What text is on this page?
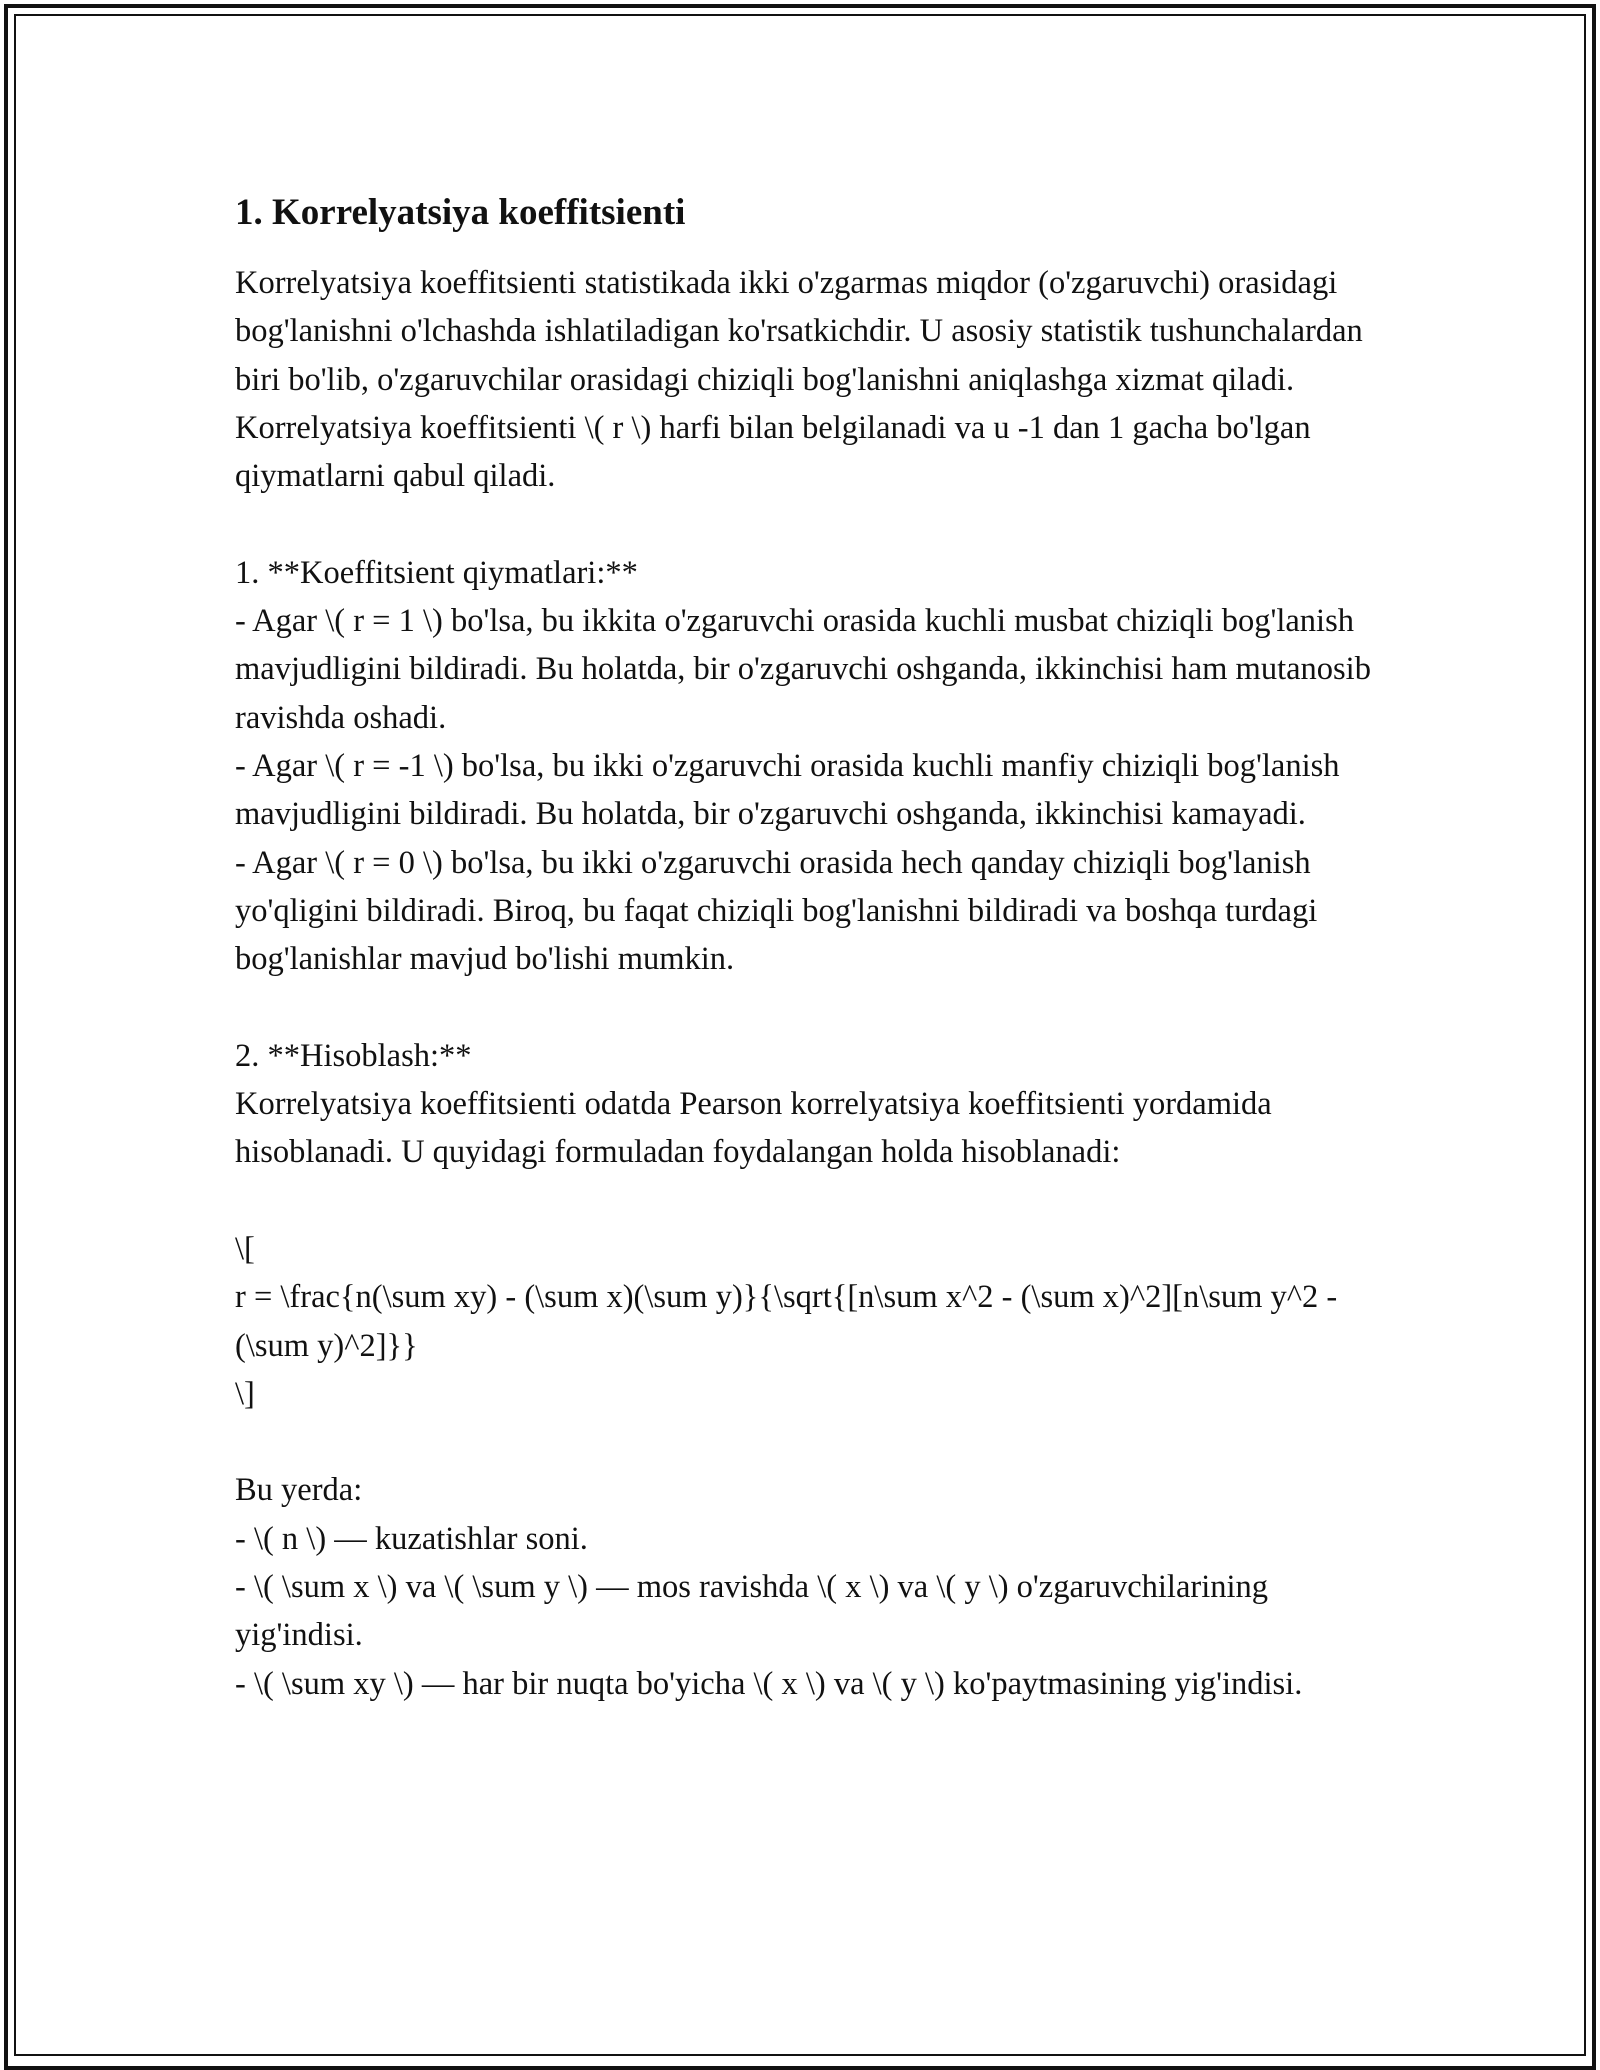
1. Korrelyatsiya koeffitsienti

Korrelyatsiya koeffitsienti statistikada ikki o'zgarmas miqdor (o'zgaruvchi) orasidagi bog'lanishni o'lchashda ishlatiladigan ko'rsatkichdir. U asosiy statistik tushunchalardan biri bo'lib, o'zgaruvchilar orasidagi chiziqli bog'lanishni aniqlashga xizmat qiladi. Korrelyatsiya koeffitsienti \( r \) harfi bilan belgilanadi va u -1 dan 1 gacha bo'lgan qiymatlarni qabul qiladi.

1. **Koeffitsient qiymatlari:**
- Agar \( r = 1 \) bo'lsa, bu ikkita o'zgaruvchi orasida kuchli musbat chiziqli bog'lanish mavjudligini bildiradi. Bu holatda, bir o'zgaruvchi oshganda, ikkinchisi ham mutanosib ravishda oshadi.
- Agar \( r = -1 \) bo'lsa, bu ikki o'zgaruvchi orasida kuchli manfiy chiziqli bog'lanish mavjudligini bildiradi. Bu holatda, bir o'zgaruvchi oshganda, ikkinchisi kamayadi.
- Agar \( r = 0 \) bo'lsa, bu ikki o'zgaruvchi orasida hech qanday chiziqli bog'lanish yo'qligini bildiradi. Biroq, bu faqat chiziqli bog'lanishni bildiradi va boshqa turdagi bog'lanishlar mavjud bo'lishi mumkin.

2. **Hisoblash:**
Korrelyatsiya koeffitsienti odatda Pearson korrelyatsiya koeffitsienti yordamida hisoblanadi. U quyidagi formuladan foydalangan holda hisoblanadi:

\[
r = \frac{n(\sum xy) - (\sum x)(\sum y)}{\sqrt{[n\sum x^2 - (\sum x)^2][n\sum y^2 - (\sum y)^2]}}
\]

Bu yerda:
- \( n \) — kuzatishlar soni.
- \( \sum x \) va \( \sum y \) — mos ravishda \( x \) va \( y \) o'zgaruvchilarining yig'indisi.
- \( \sum xy \) — har bir nuqta bo'yicha \( x \) va \( y \) ko'paytmasining yig'indisi.
